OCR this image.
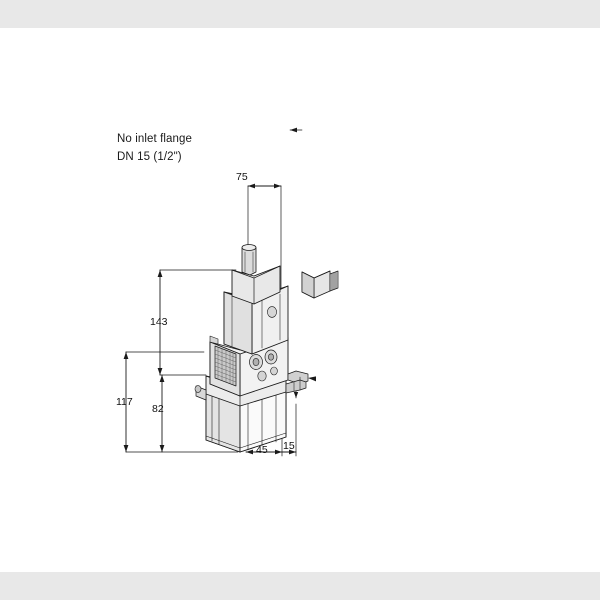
No inlet flange
DN 15 (1/2")
75
143
117
82
45 15
